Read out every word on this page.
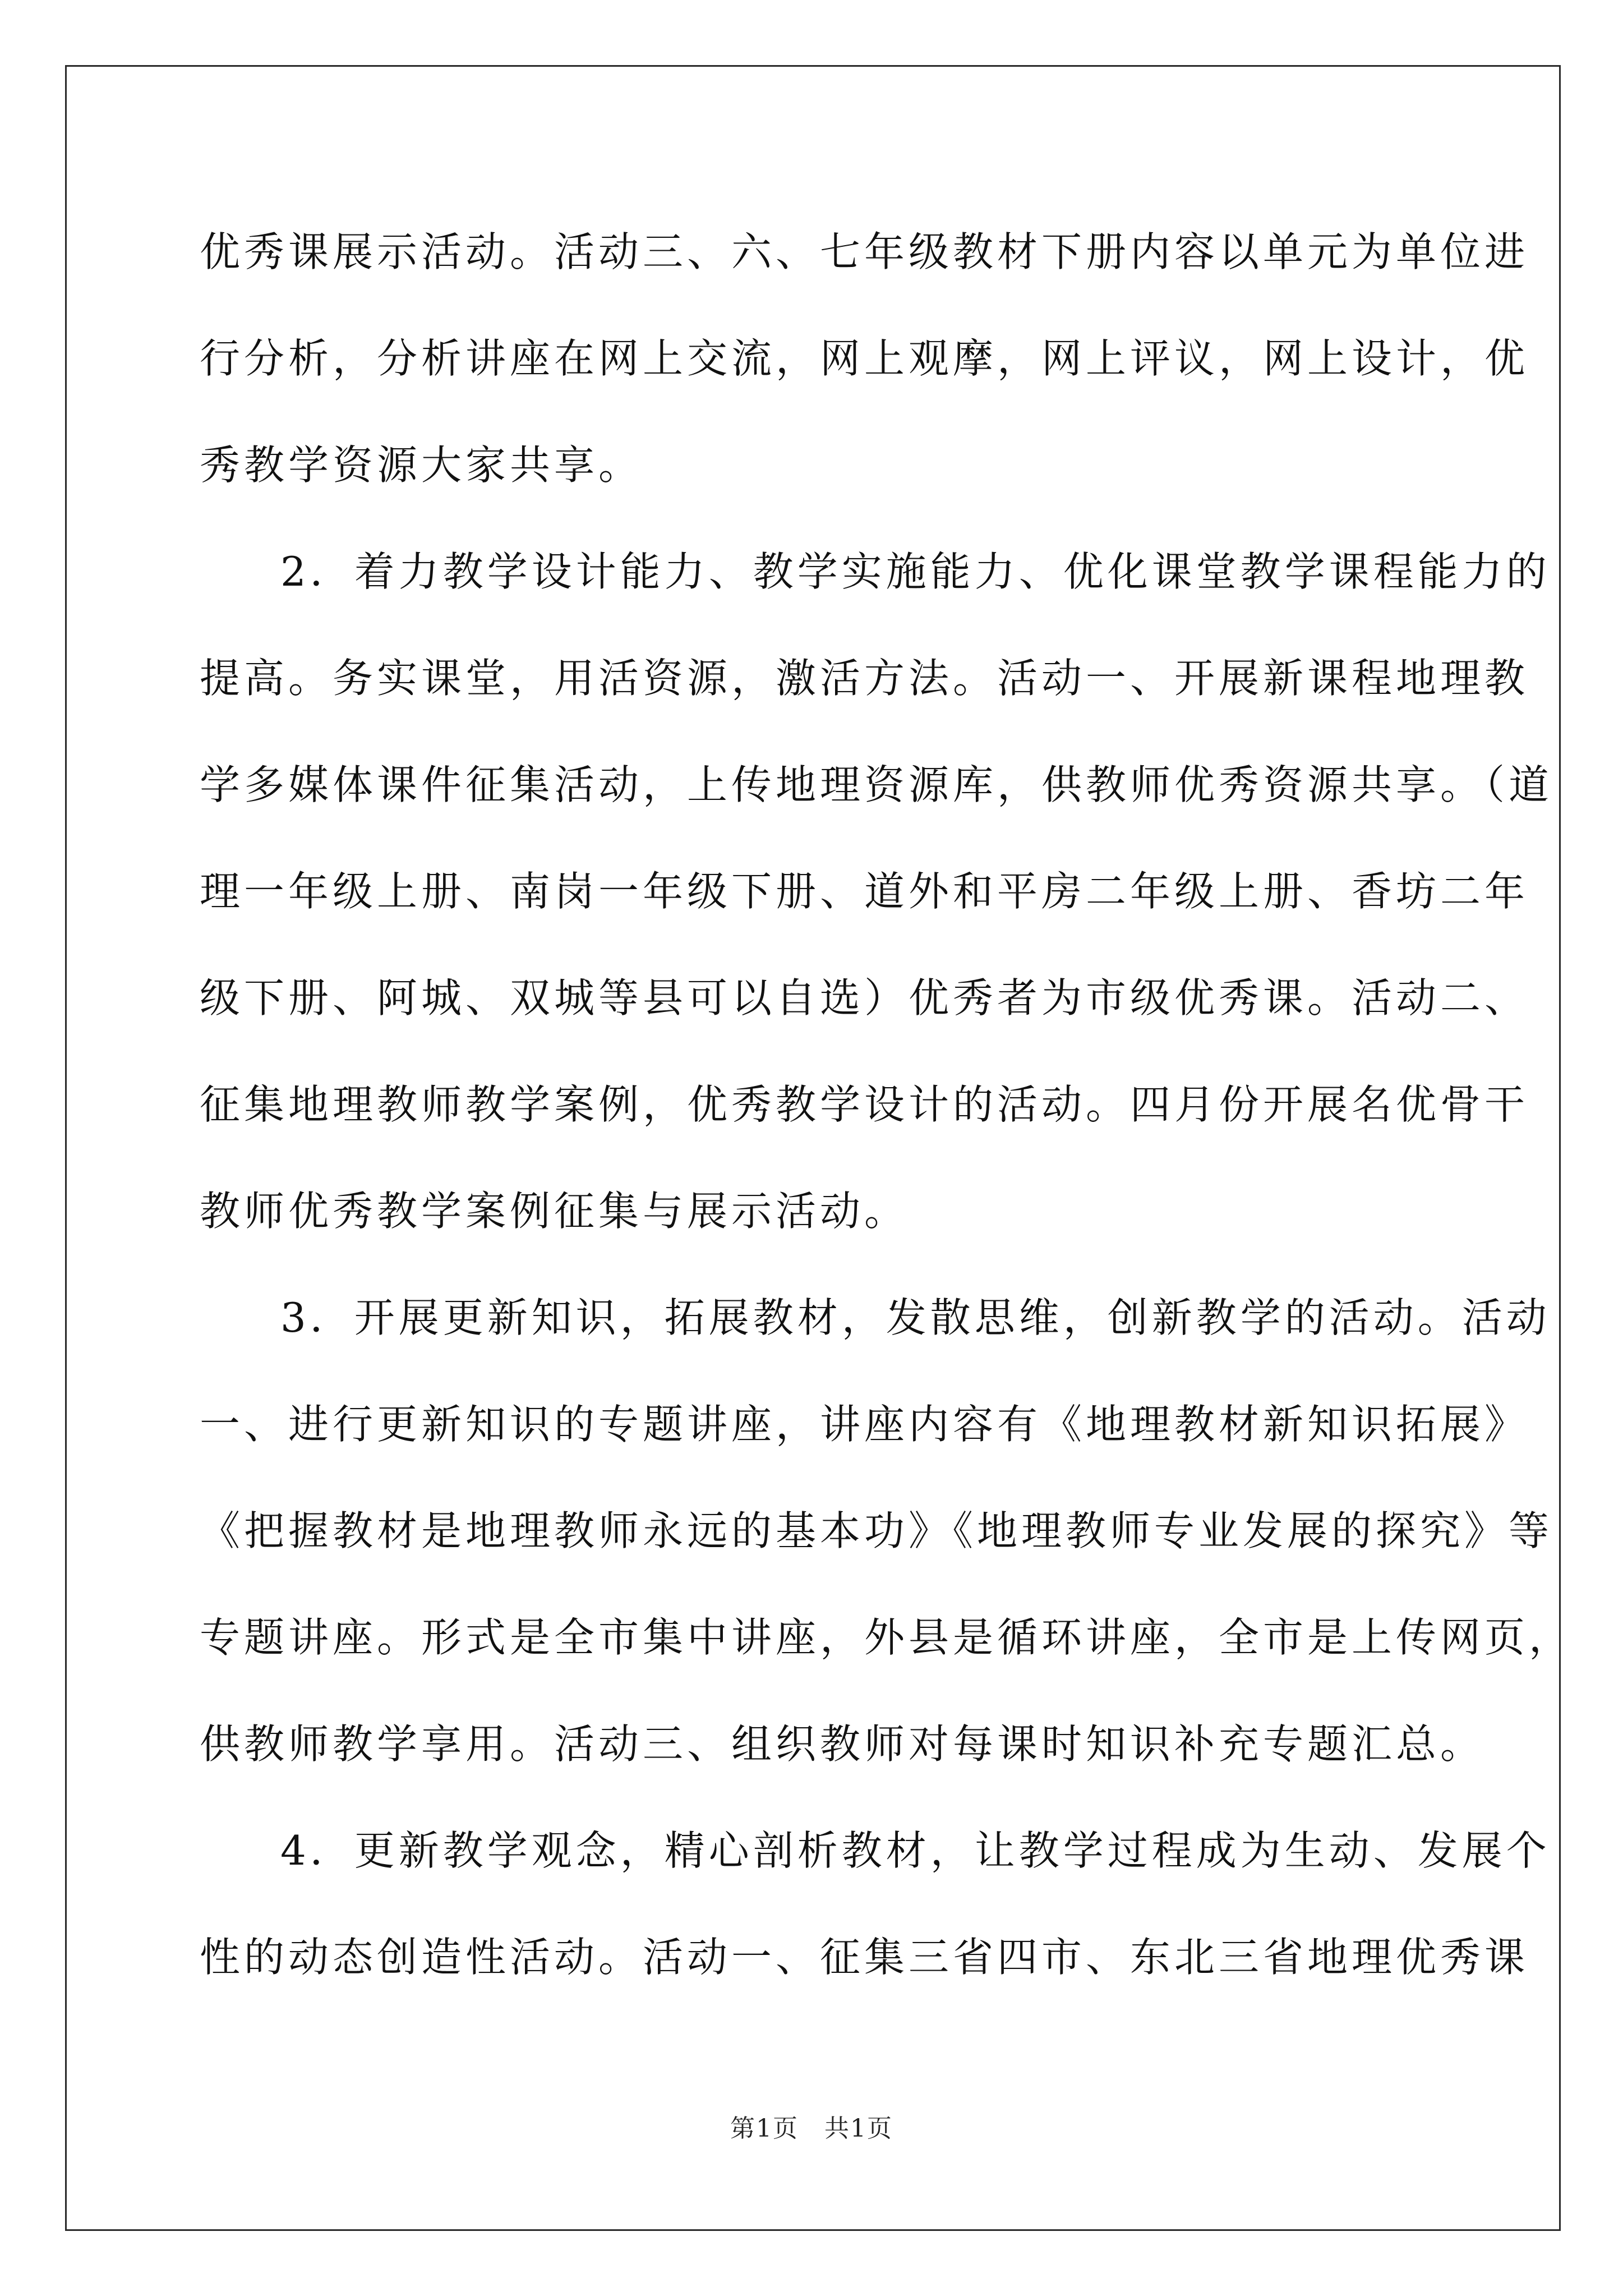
优秀课展示活动。活动三、六、七年级教材下册内容以单元为单位进
行分析，分析讲座在网上交流，网上观摩，网上评议，网上设计，优
秀教学资源大家共享。
2．着力教学设计能力、教学实施能力、优化课堂教学课程能力的
提高。务实课堂，用活资源，激活方法。活动一、开展新课程地理教
学多媒体课件征集活动，上传地理资源库，供教师优秀资源共享。（道
理一年级上册、南岗一年级下册、道外和平房二年级上册、香坊二年
级下册、阿城、双城等县可以自选）优秀者为市级优秀课。活动二、
征集地理教师教学案例，优秀教学设计的活动。四月份开展名优骨干
教师优秀教学案例征集与展示活动。
3．开展更新知识，拓展教材，发散思维，创新教学的活动。活动
一、进行更新知识的专题讲座，讲座内容有《地理教材新知识拓展》
《把握教材是地理教师永远的基本功》《地理教师专业发展的探究》等
专题讲座。形式是全市集中讲座，外县是循环讲座，全市是上传网页，
供教师教学享用。活动三、组织教师对每课时知识补充专题汇总。
4．更新教学观念，精心剖析教材，让教学过程成为生动、发展个
性的动态创造性活动。活动一、征集三省四市、东北三省地理优秀课
第1页　共1页
